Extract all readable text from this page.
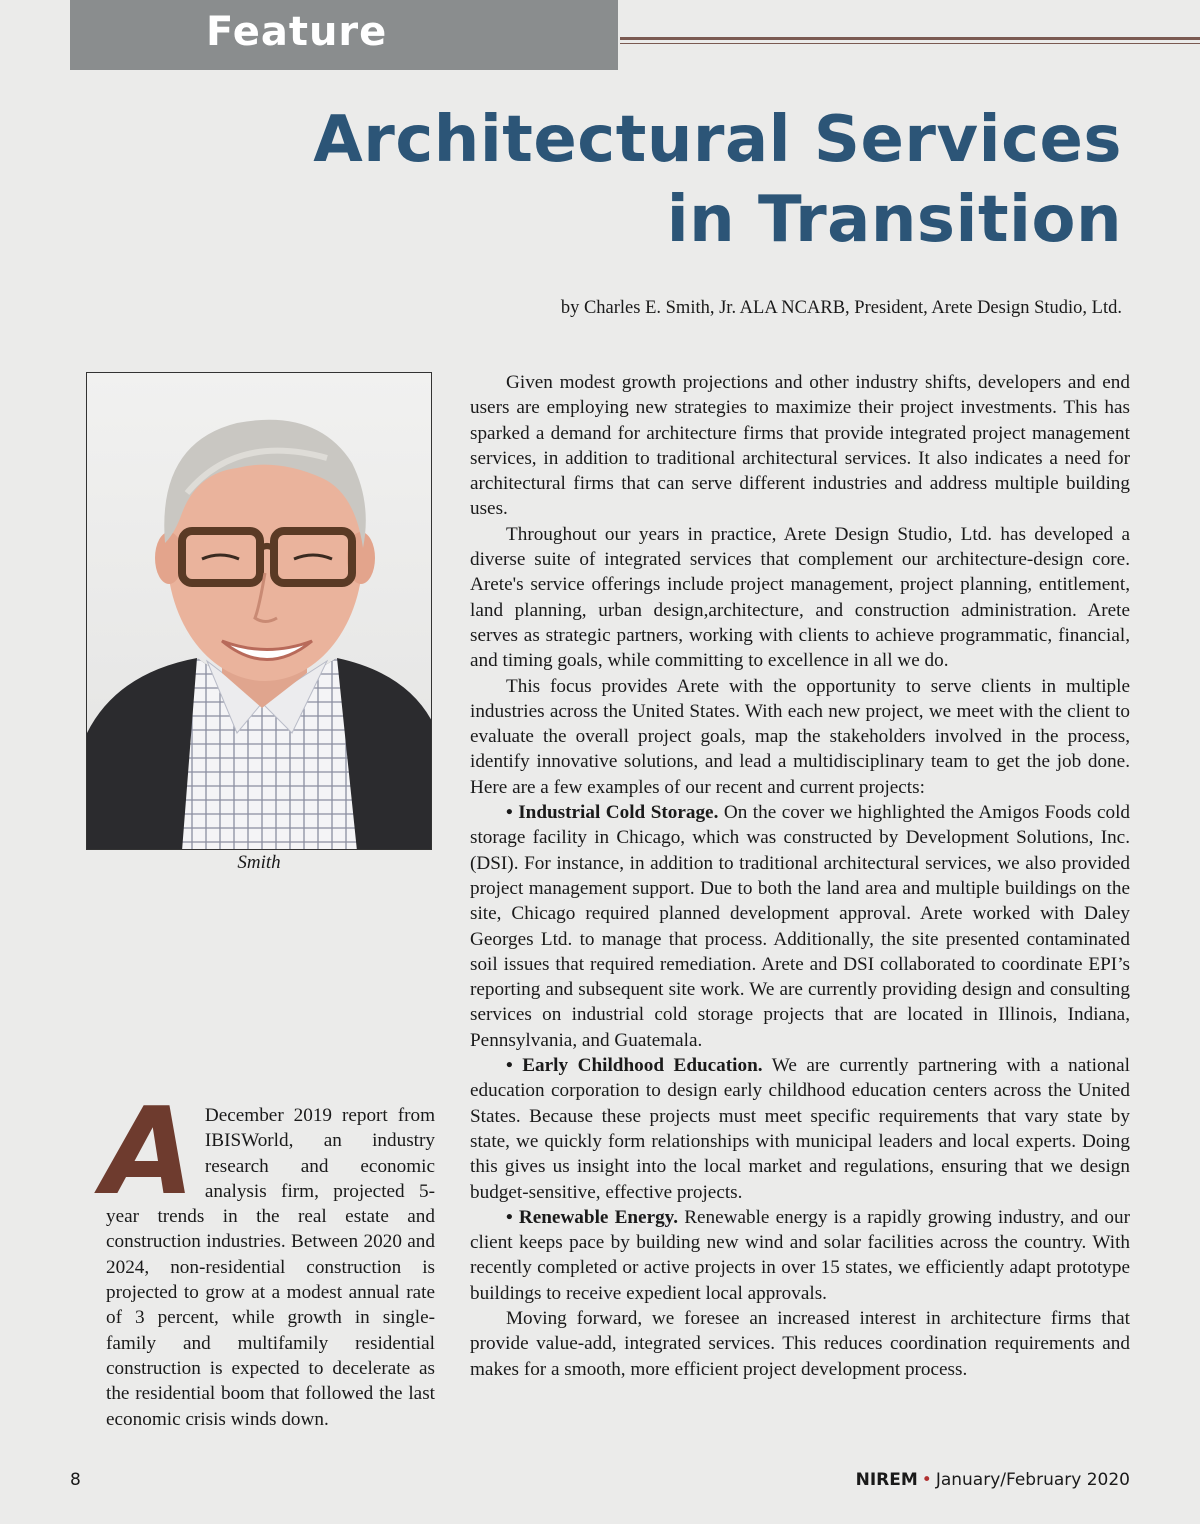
Feature
Architectural Services
in Transition
by Charles E. Smith, Jr. ALA NCARB, President, Arete Design Studio, Ltd.
Smith
A December 2019 report from IBISWorld, an industry research and economic analysis firm, projected 5-year trends in the real estate and construction industries. Between 2020 and 2024, non-residential construction is projected to grow at a modest annual rate of 3 percent, while growth in single-family and multifamily residential construction is expected to decelerate as the residential boom that followed the last economic crisis winds down.

Given modest growth projections and other industry shifts, developers and end users are employing new strategies to maximize their project investments. This has sparked a demand for architecture firms that provide integrated project management services, in addition to traditional architectural services. It also indicates a need for architectural firms that can serve different industries and address multiple building uses.

Throughout our years in practice, Arete Design Studio, Ltd. has developed a diverse suite of integrated services that complement our architecture-design core. Arete's service offerings include project management, project planning, entitlement, land planning, urban design,architecture, and construction administration. Arete serves as strategic partners, working with clients to achieve programmatic, financial, and timing goals, while committing to excellence in all we do.

This focus provides Arete with the opportunity to serve clients in multiple industries across the United States. With each new project, we meet with the client to evaluate the overall project goals, map the stakeholders involved in the process, identify innovative solutions, and lead a multidisciplinary team to get the job done. Here are a few examples of our recent and current projects:

• Industrial Cold Storage. On the cover we highlighted the Amigos Foods cold storage facility in Chicago, which was constructed by Development Solutions, Inc. (DSI). For instance, in addition to traditional architectural services, we also provided project management support. Due to both the land area and multiple buildings on the site, Chicago required planned development approval. Arete worked with Daley Georges Ltd. to manage that process. Additionally, the site presented contaminated soil issues that required remediation. Arete and DSI collaborated to coordinate EPI’s reporting and subsequent site work. We are currently providing design and consulting services on industrial cold storage projects that are located in Illinois, Indiana, Pennsylvania, and Guatemala.

• Early Childhood Education. We are currently partnering with a national education corporation to design early childhood education centers across the United States. Because these projects must meet specific requirements that vary state by state, we quickly form relationships with municipal leaders and local experts. Doing this gives us insight into the local market and regulations, ensuring that we design budget-sensitive, effective projects.

• Renewable Energy. Renewable energy is a rapidly growing industry, and our client keeps pace by building new wind and solar facilities across the country. With recently completed or active projects in over 15 states, we efficiently adapt prototype buildings to receive expedient local approvals.

Moving forward, we foresee an increased interest in architecture firms that provide value-add, integrated services. This reduces coordination requirements and makes for a smooth, more efficient project development process.

8	NIREM • January/February 2020
